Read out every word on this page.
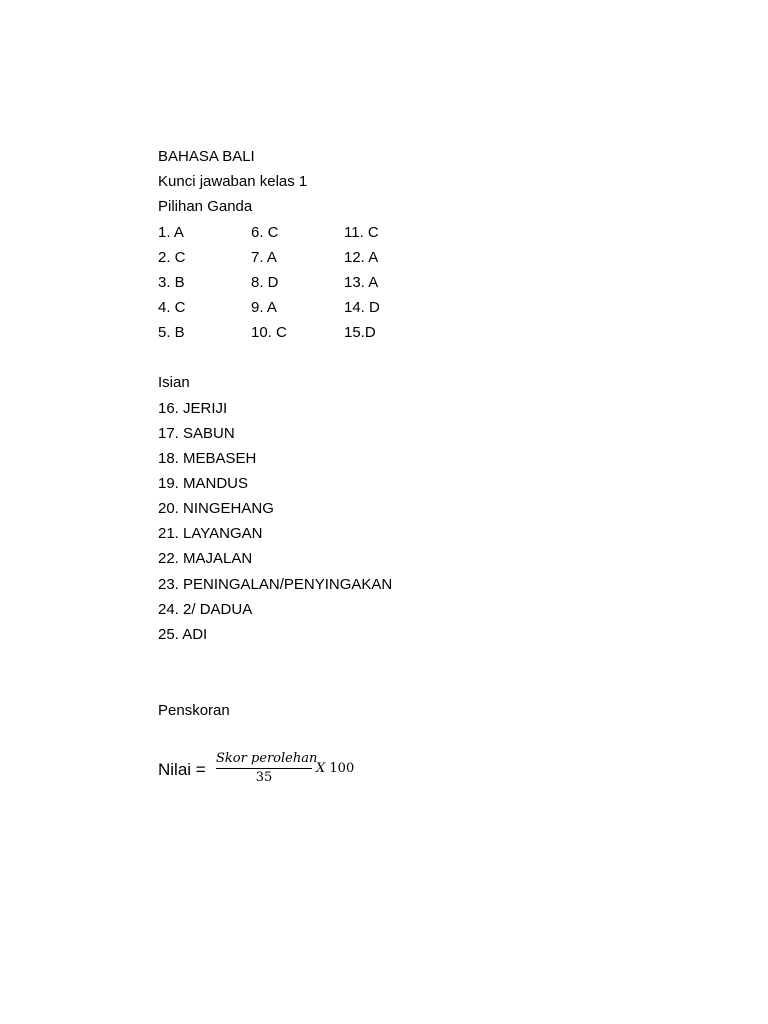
BAHASA BALI
Kunci jawaban kelas 1
Pilihan Ganda
1. A	6. C	11. C
2. C	7. A	12. A
3. B	8. D	13. A
4. C	9. A	14. D
5. B	10. C	15.D
Isian
16. JERIJI
17. SABUN
18. MEBASEH
19. MANDUS
20. NINGEHANG
21. LAYANGAN
22. MAJALAN
23. PENINGALAN/PENYINGAKAN
24. 2/ DADUA
25. ADI
Penskoran
Nilai =
Skor perolehan
35
X 100
